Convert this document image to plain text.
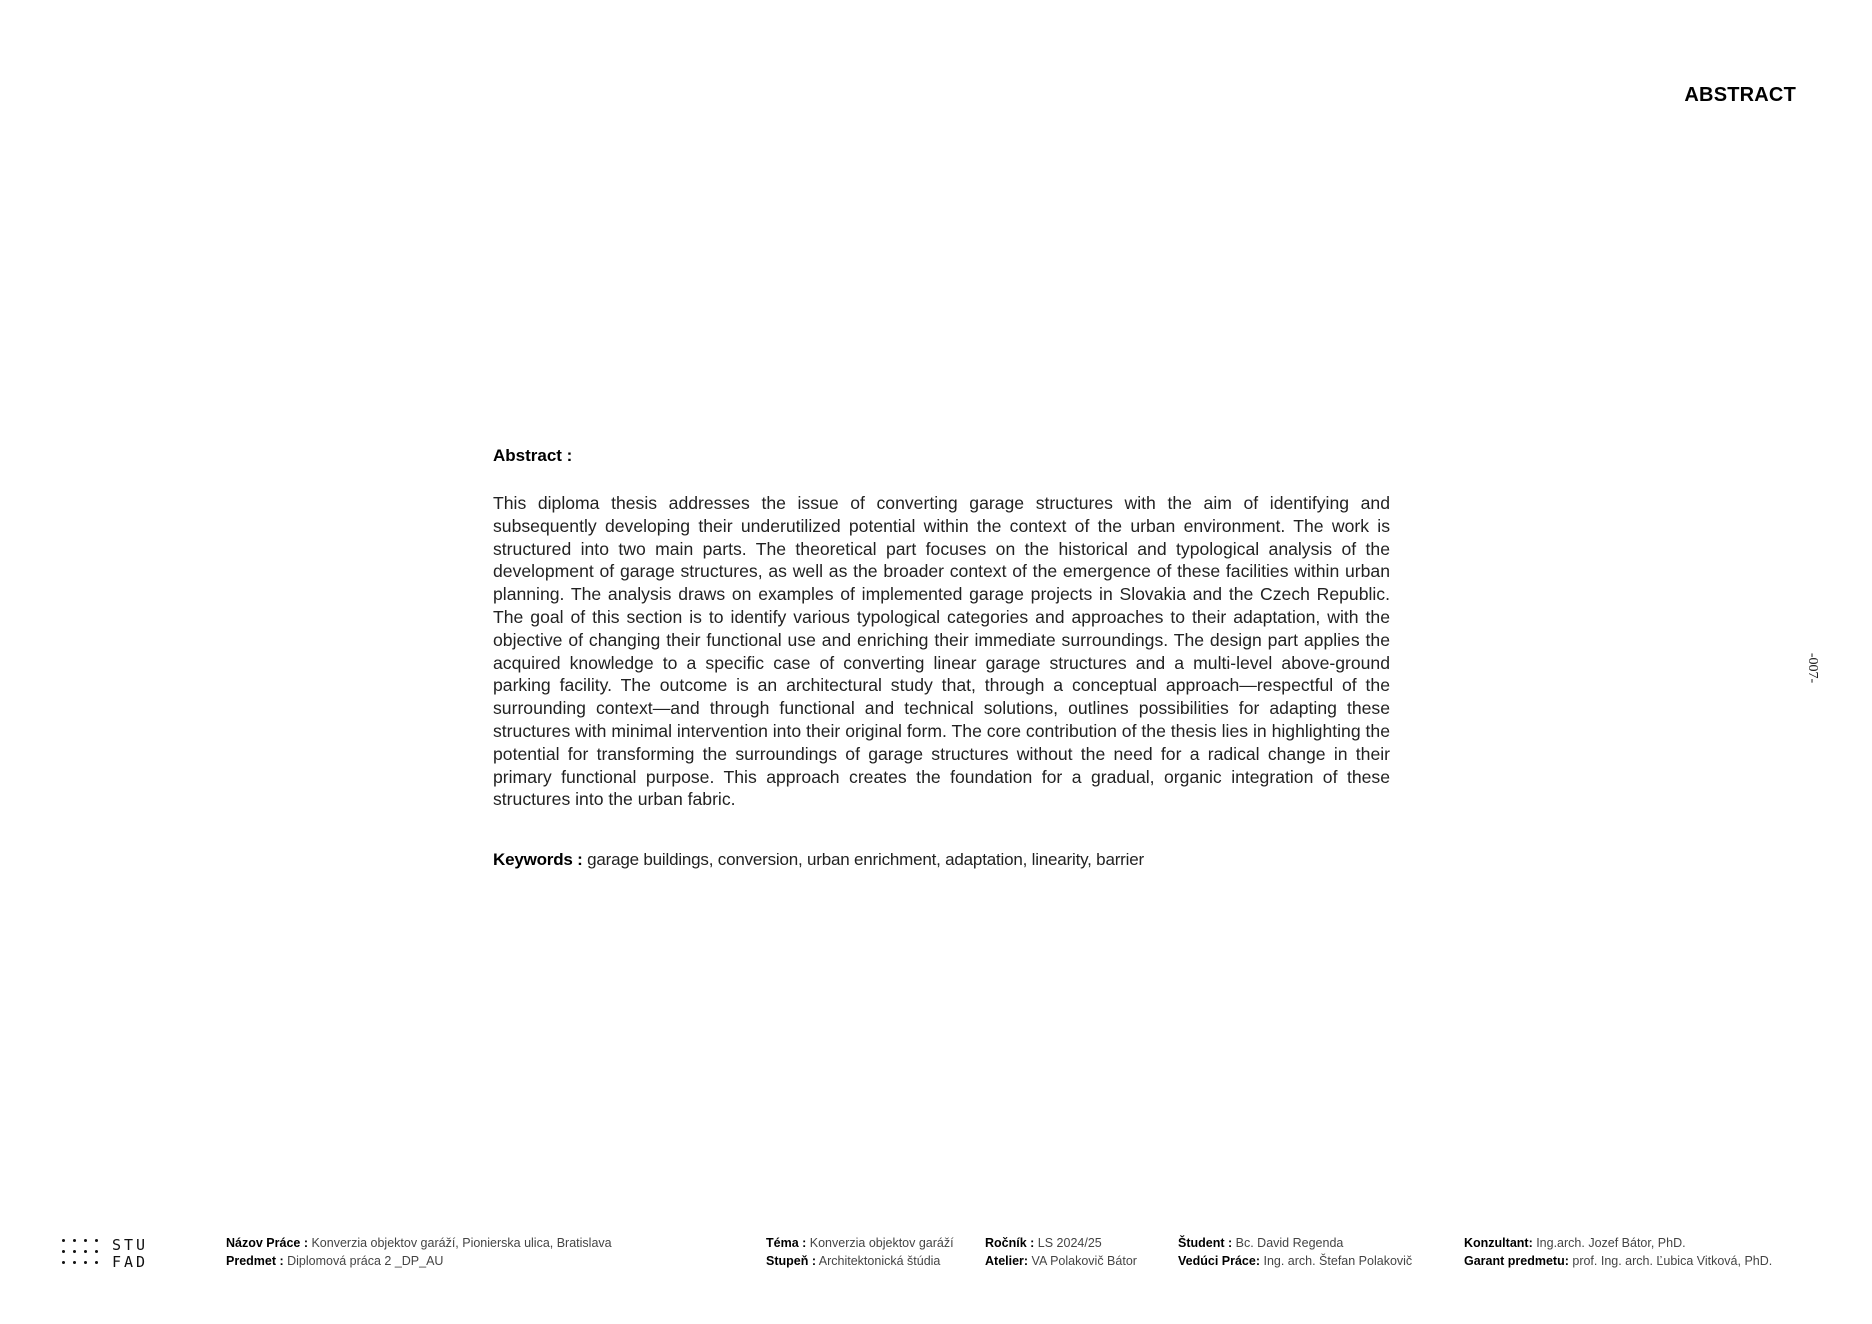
ABSTRACT
-007-
Abstract :

This diploma thesis addresses the issue of converting garage structures with the aim of identifying and subsequently developing their underutilized potential within the context of the urban environment. The work is structured into two main parts. The theoretical part focuses on the historical and typological analysis of the development of garage structures, as well as the broader context of the emergence of these facilities within urban planning. The analysis draws on examples of implemented garage projects in Slovakia and the Czech Republic. The goal of this section is to identify various typological categories and approaches to their adaptation, with the objective of changing their functional use and enriching their immediate surroundings. The design part applies the acquired knowledge to a specific case of converting linear garage structures and a multi-level above-ground parking facility. The outcome is an architectural study that, through a conceptual approach—respectful of the surrounding context—and through functional and technical solutions, outlines possibilities for adapting these structures with minimal intervention into their original form. The core contribution of the thesis lies in highlighting the potential for transforming the surroundings of garage structures without the need for a radical change in their primary functional purpose. This approach creates the foundation for a gradual, organic integration of these structures into the urban fabric.

Keywords : garage buildings, conversion, urban enrichment, adaptation, linearity, barrier
STU
FAD
Názov Práce : Konverzia objektov garáží, Pionierska ulica, Bratislava
Predmet : Diplomová práca 2 _DP_AU
Téma : Konverzia objektov garáží
Stupeň : Architektonická štúdia
Ročník : LS 2024/25
Atelier: VA Polakovič Bátor
Študent : Bc. David Regenda
Vedúci Práce: Ing. arch. Štefan Polakovič
Konzultant: Ing.arch. Jozef Bátor, PhD.
Garant predmetu: prof. Ing. arch. Ľubica Vitková, PhD.
